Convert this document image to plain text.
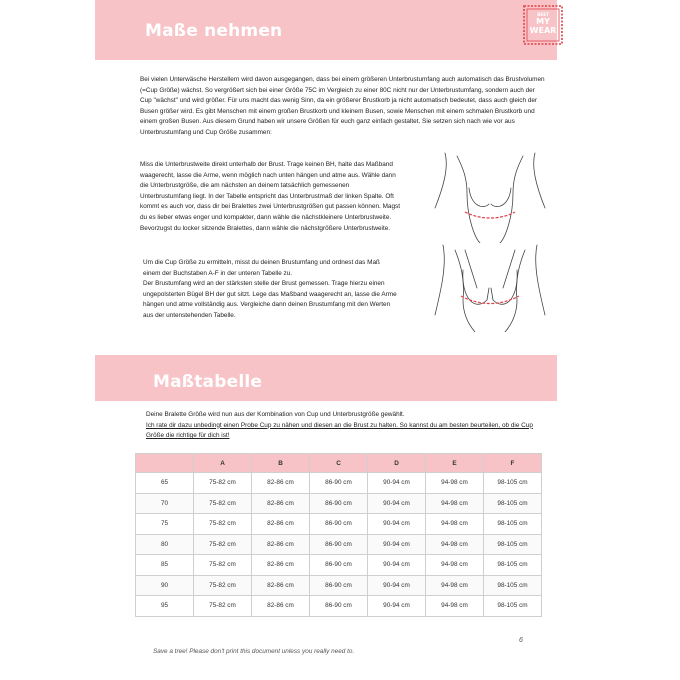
Maße nehmen
BEST
MY
WEAR

Bei vielen Unterwäsche Herstellern wird davon ausgegangen, dass bei einem größeren Unterbrustumfang auch automatisch das Brustvolumen (=Cup Größe) wächst. So vergrößert sich bei einer Größe 75C im Vergleich zu einer 80C nicht nur der Unterbrustumfang, sondern auch der Cup "wächst" und wird größer. Für uns macht das wenig Sinn, da ein größerer Brustkorb ja nicht automatisch bedeutet, dass auch gleich der Busen größer wird. Es gibt Menschen mit einem großen Brustkorb und kleinem Busen, sowie Menschen mit einem schmalen Brustkorb und einem großen Busen. Aus diesem Grund haben wir unsere Größen für euch ganz einfach gestaltet. Sie setzen sich nach wie vor aus Unterbrustumfang und Cup Größe zusammen:

Miss die Unterbrustweite direkt unterhalb der Brust. Trage keinen BH, halte das Maßband waagerecht, lasse die Arme, wenn möglich nach unten hängen und atme aus. Wähle dann die Unterbrustgröße, die am nächsten an deinem tatsächlich gemessenen Unterbrustumfang liegt. In der Tabelle entspricht das Unterbrustmaß der linken Spalte. Oft kommt es auch vor, dass dir bei Bralettes zwei Unterbrustgrößen gut passen können. Magst du es lieber etwas enger und kompakter, dann wähle die nächstkleinere Unterbrustweite. Bevorzugst du locker sitzende Bralettes, dann wähle die nächstgrößere Unterbrustweite.

Um die Cup Größe zu ermitteln, misst du deinen Brustumfang und ordnest das Maß einem der Buchstaben A-F in der unteren Tabelle zu.
Der Brustumfang wird an der stärksten stelle der Brust gemessen. Trage hierzu einen ungepolsterten Bügel BH der gut sitzt. Lege das Maßband waagerecht an, lasse die Arme hängen und atme vollständig aus. Vergleiche dann deinen Brustumfang mit den Werten aus der untenstehenden Tabelle.
Maßtabelle
Deine Bralette Größe wird nun aus der Kombination von Cup und Unterbrustgröße gewählt.
Ich rate dir dazu unbedingt einen Probe Cup zu nähen und diesen an die Brust zu halten. So kannst du am besten beurteilen, ob die Cup Größe die richtige für dich ist!
	A	B	C	D	E	F
65	75-82 cm	82-86 cm	86-90 cm	90-94 cm	94-98 cm	98-105 cm
70	75-82 cm	82-86 cm	86-90 cm	90-94 cm	94-98 cm	98-105 cm
75	75-82 cm	82-86 cm	86-90 cm	90-94 cm	94-98 cm	98-105 cm
80	75-82 cm	82-86 cm	86-90 cm	90-94 cm	94-98 cm	98-105 cm
85	75-82 cm	82-86 cm	86-90 cm	90-94 cm	94-98 cm	98-105 cm
90	75-82 cm	82-86 cm	86-90 cm	90-94 cm	94-98 cm	98-105 cm
95	75-82 cm	82-86 cm	86-90 cm	90-94 cm	94-98 cm	98-105 cm
6
Save a tree! Please don't print this document unless you really need to.
